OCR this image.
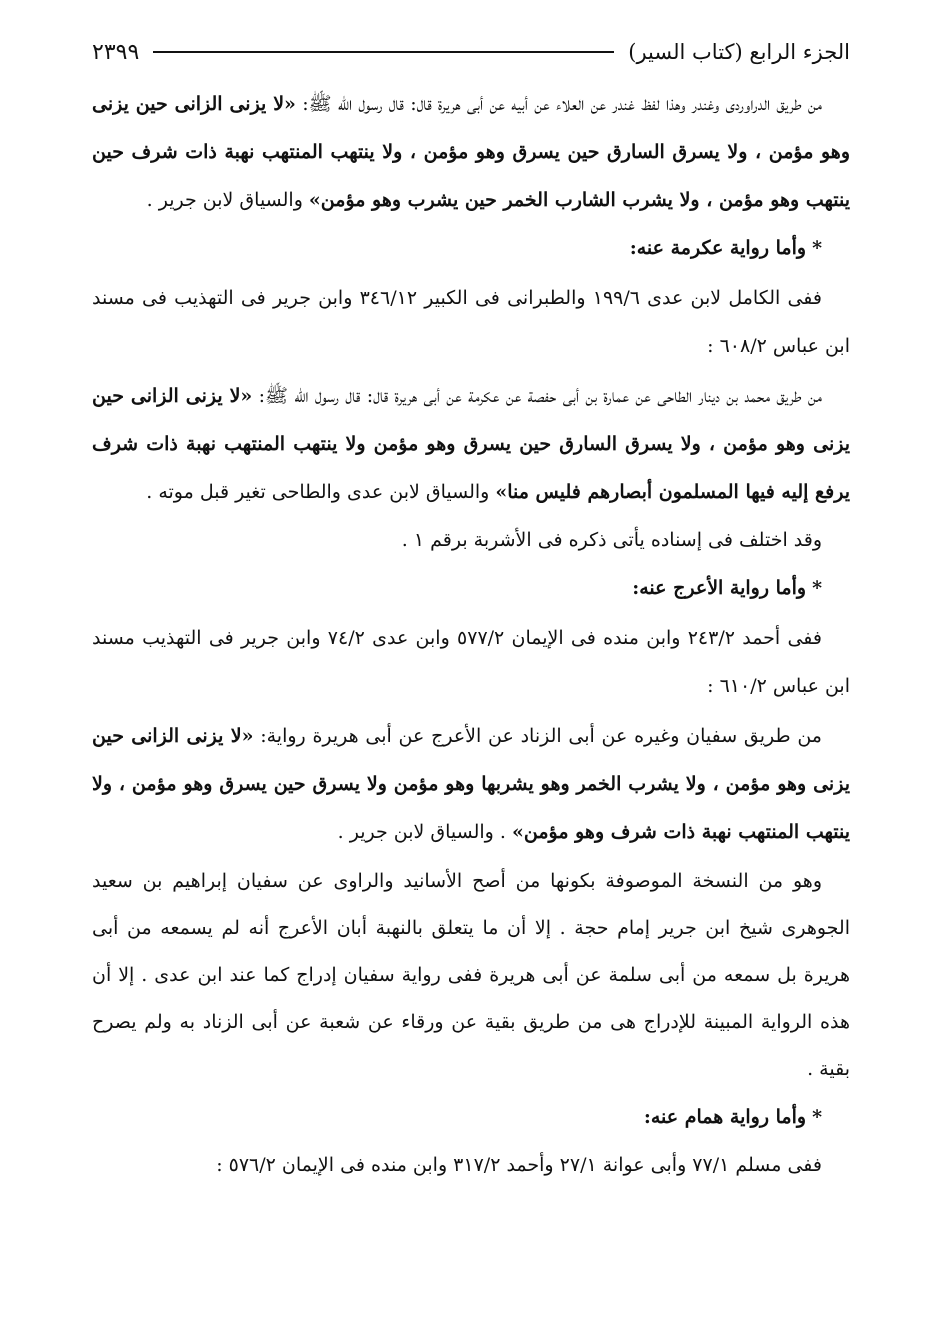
الجزء الرابع (كتاب السير)
٢٣٩٩

من طريق الدراوردى وغندر وهذا لفظ غندر عن العلاء عن أبيه عن أبى هريرة قال: قال رسول الله ﷺ: «لا يزنى الزانى حين يزنى وهو مؤمن ، ولا يسرق السارق حين يسرق وهو مؤمن ، ولا ينتهب المنتهب نهبة ذات شرف حين ينتهب وهو مؤمن ، ولا يشرب الشارب الخمر حين يشرب وهو مؤمن» والسياق لابن جرير .

*وأما رواية عكرمة عنه:

ففى الكامل لابن عدى ١٩٩/٦ والطبرانى فى الكبير ٣٤٦/١٢ وابن جرير فى التهذيب فى مسند ابن عباس ٦٠٨/٢ :

من طريق محمد بن دينار الطاحى عن عمارة بن أبى حفصة عن عكرمة عن أبى هريرة قال: قال رسول الله ﷺ: «لا يزنى الزانى حين يزنى وهو مؤمن ، ولا يسرق السارق حين يسرق وهو مؤمن ولا ينتهب المنتهب نهبة ذات شرف يرفع إليه فيها المسلمون أبصارهم فليس منا» والسياق لابن عدى والطاحى تغير قبل موته .

وقد اختلف فى إسناده يأتى ذكره فى الأشربة برقم ١ .

*وأما رواية الأعرج عنه:

ففى أحمد ٢٤٣/٢ وابن منده فى الإيمان ٥٧٧/٢ وابن عدى ٧٤/٢ وابن جرير فى التهذيب مسند ابن عباس ٦١٠/٢ :

من طريق سفيان وغيره عن أبى الزناد عن الأعرج عن أبى هريرة رواية: «لا يزنى الزانى حين يزنى وهو مؤمن ، ولا يشرب الخمر وهو يشربها وهو مؤمن ولا يسرق حين يسرق وهو مؤمن ، ولا ينتهب المنتهب نهبة ذات شرف وهو مؤمن» . والسياق لابن جرير .

وهو من النسخة الموصوفة بكونها من أصح الأسانيد والراوى عن سفيان إبراهيم بن سعيد الجوهرى شيخ ابن جرير إمام حجة . إلا أن ما يتعلق بالنهبة أبان الأعرج أنه لم يسمعه من أبى هريرة بل سمعه من أبى سلمة عن أبى هريرة ففى رواية سفيان إدراج كما عند ابن عدى . إلا أن هذه الرواية المبينة للإدراج هى من طريق بقية عن ورقاء عن شعبة عن أبى الزناد به ولم يصرح بقية .

*وأما رواية همام عنه:

ففى مسلم ٧٧/١ وأبى عوانة ٢٧/١ وأحمد ٣١٧/٢ وابن منده فى الإيمان ٥٧٦/٢ :
